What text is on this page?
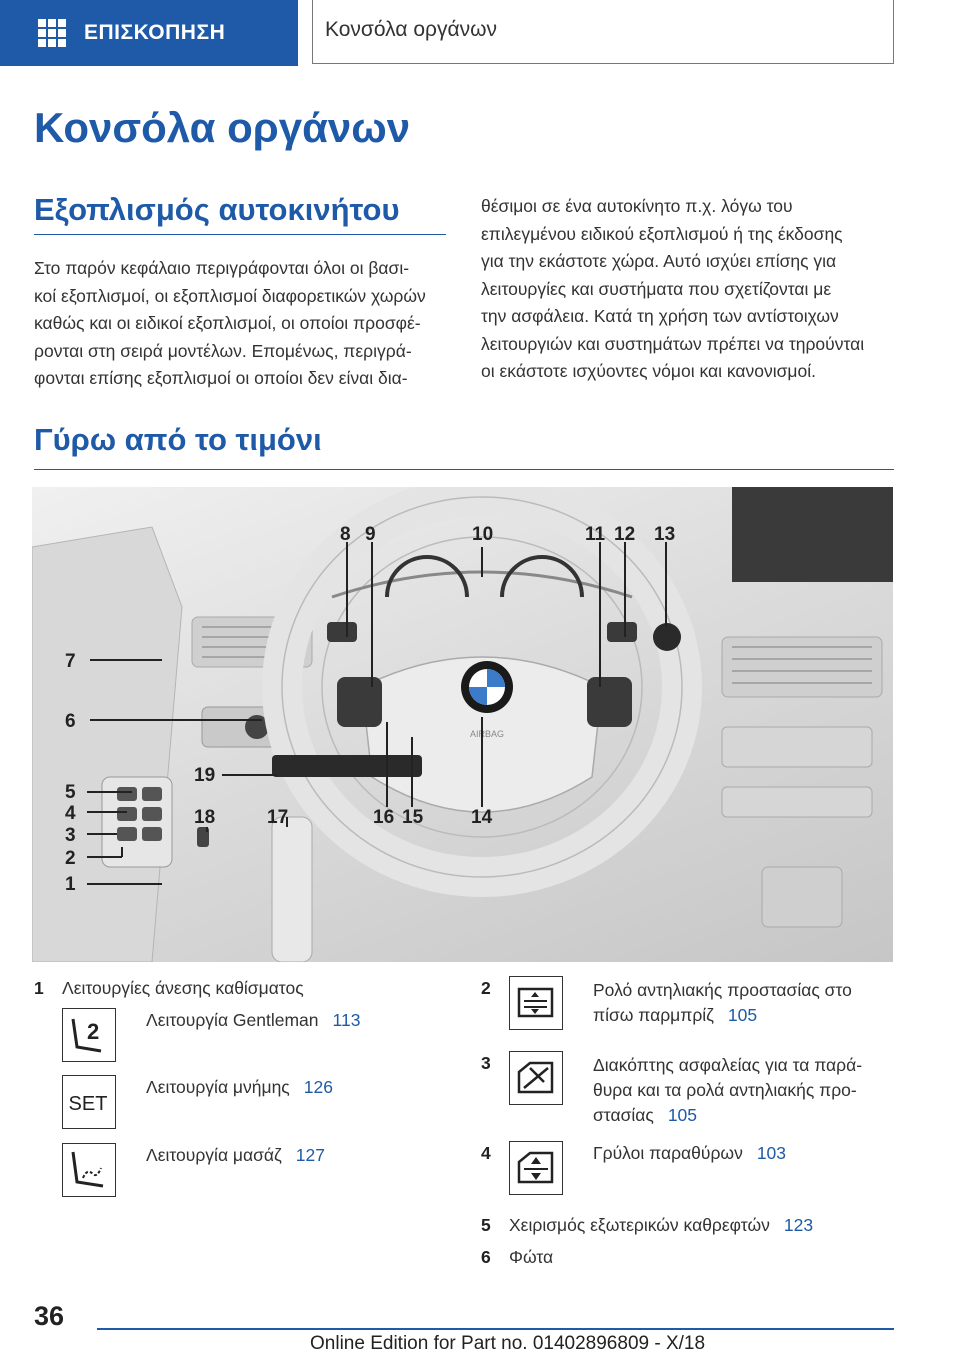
ΕΠΙΣΚΟΠΗΣΗ	Κονσόλα οργάνων
Κονσόλα οργάνων
Εξοπλισμός αυτοκινήτου
Στο παρόν κεφάλαιο περιγράφονται όλοι οι βασι-
κοί εξοπλισμοί, οι εξοπλισμοί διαφορετικών χωρών
καθώς και οι ειδικοί εξοπλισμοί, οι οποίοι προσφέ-
ρονται στη σειρά μοντέλων. Επομένως, περιγρά-
φονται επίσης εξοπλισμοί οι οποίοι δεν είναι δια-
θέσιμοι σε ένα αυτοκίνητο π.χ. λόγω του
επιλεγμένου ειδικού εξοπλισμού ή της έκδοσης
για την εκάστοτε χώρα. Αυτό ισχύει επίσης για
λειτουργίες και συστήματα που σχετίζονται με
την ασφάλεια. Κατά τη χρήση των αντίστοιχων
λειτουργιών και συστημάτων πρέπει να τηρούνται
οι εκάστοτε ισχύοντες νόμοι και κανονισμοί.
Γύρω από το τιμόνι
AIRBAG
1
2
3
4
5
6
7
8 9	10	11 12 13
14
15
16
17
18
19
1 Λειτουργίες άνεσης καθίσματος
2	Λειτουργία Gentleman 113
SET
Λειτουργία μνήμης 126
Λειτουργία μασάζ 127
2	Ρολό αντηλιακής προστασίας στο
πίσω παρμπρίζ 105
3	Διακόπτης ασφαλείας για τα παρά-
θυρα και τα ρολά αντηλιακής προ-
στασίας 105
4	Γρύλοι παραθύρων 103
5 Χειρισμός εξωτερικών καθρεφτών 123
6 Φώτα
36
Online Edition for Part no. 01402896809 - X/18
